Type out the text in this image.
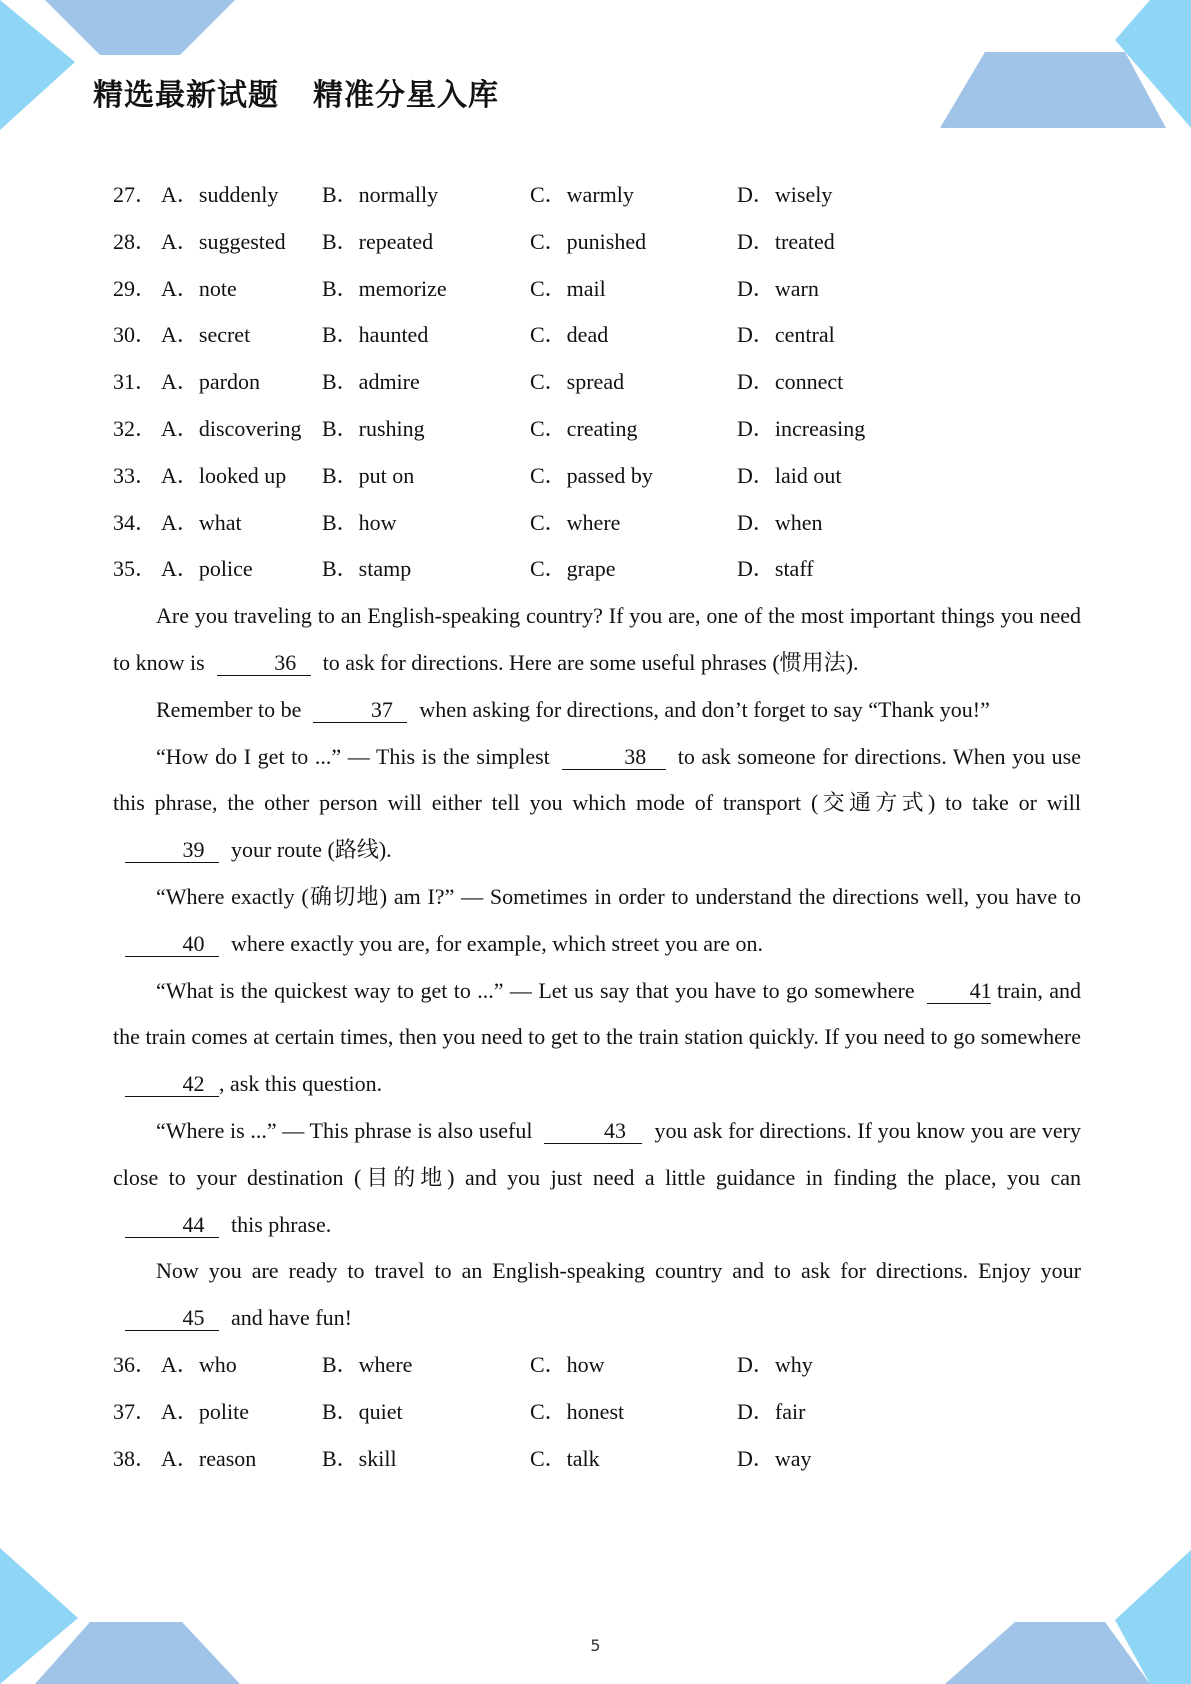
精选最新试题 精准分星入库
27． A．suddenly B．normally	C．warmly	D．wisely
28． A．suggested B．repeated	C．punished	D．treated
29． A．note	B．memorize	C．mail	D．warn
30． A．secret	B．haunted	C．dead	D．central
31． A．pardon	B．admire	C．spread	D．connect
32． A．discovering B．rushing	C．creating	D．increasing
33． A．looked up B．put on	C．passed by	D．laid out
34． A．what	B．how	C．where	D．when
35． A．police	B．stamp	C．grape	D．staff

Are you traveling to an English-speaking country? If you are, one of the most important things you need to know is	36 to ask for directions. Here are some useful phrases (惯用法).

Remember to be	37 when asking for directions, and don’t forget to say “Thank you!”

“How do I get to ...” — This is the simplest	38 to ask someone for directions. When you use this phrase, the other person will either tell you which mode of transport (交通方式) to take or will39 your route (路线).

“Where exactly (确切地) am I?” — Sometimes in order to understand the directions well, you have to40 where exactly you are, for example, which street you are on.

“What is the quickest way to get to ...” — Let us say that you have to go somewhere	41 train, and the train comes at certain times, then you need to get to the train station quickly. If you need to go somewhere42 , ask this question.

“Where is ...” — This phrase is also useful	43 you ask for directions. If you know you are very close to your destination (目的地) and you just need a little guidance in finding the place, you can44 this phrase.

Now you are ready to travel to an English-speaking country and to ask for directions. Enjoy your45 and have fun!

36． A．who	B．where	C．how	D．why
37． A．polite	B．quiet	C．honest	D．fair
38． A．reason	B．skill	C．talk	D．way
5
